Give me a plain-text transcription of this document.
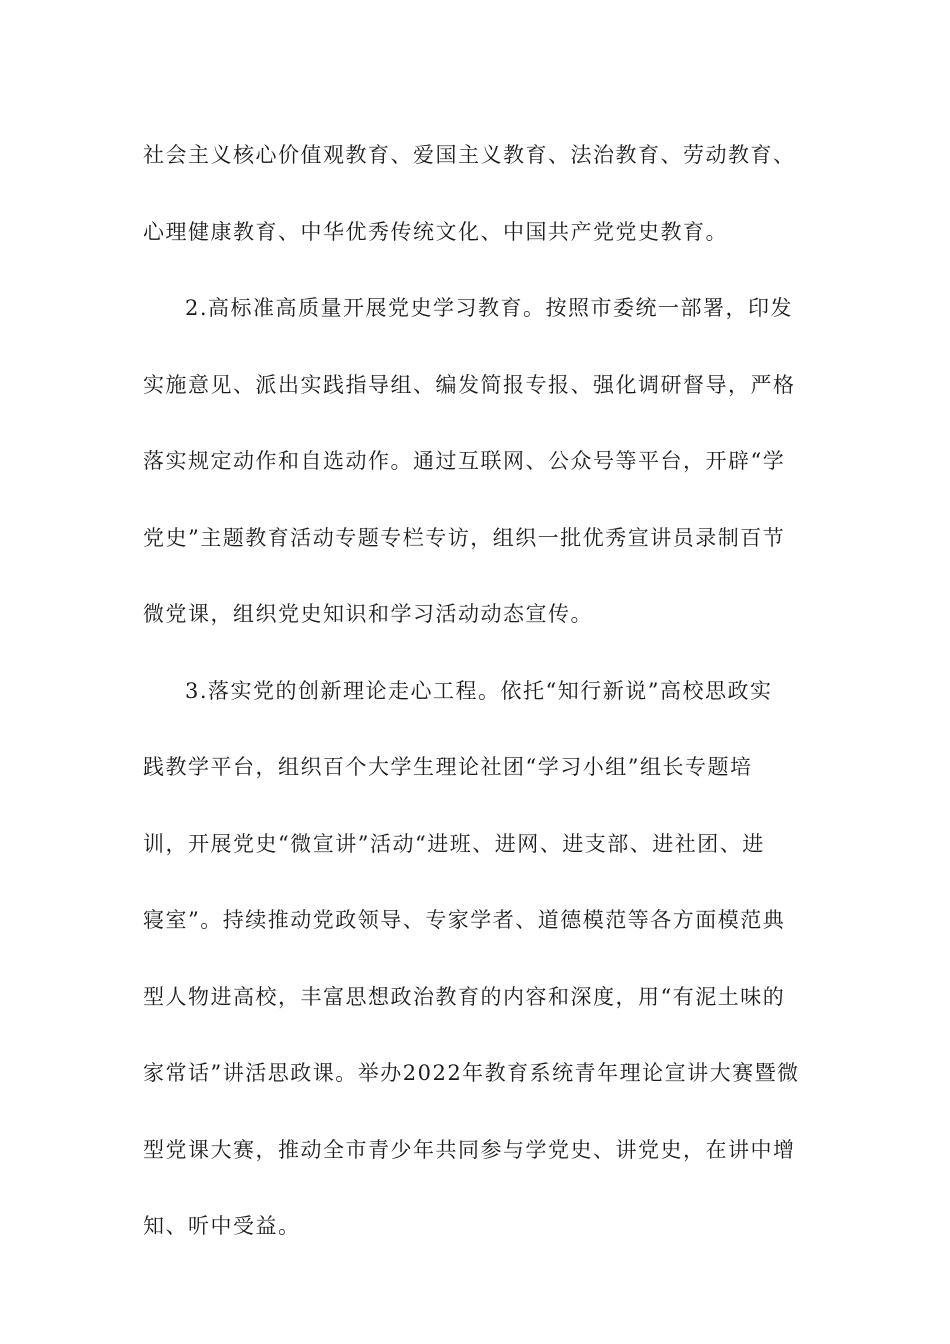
社会主义核心价值观教育、爱国主义教育、法治教育、劳动教育、
心理健康教育、中华优秀传统文化、中国共产党党史教育。
2.高标准高质量开展党史学习教育。按照市委统一部署，印发
实施意见、派出实践指导组、编发简报专报、强化调研督导，严格
落实规定动作和自选动作。通过互联网、公众号等平台，开辟“学
党史”主题教育活动专题专栏专访，组织一批优秀宣讲员录制百节
微党课，组织党史知识和学习活动动态宣传。
3.落实党的创新理论走心工程。依托“知行新说”高校思政实
践教学平台，组织百个大学生理论社团“学习小组”组长专题培
训，开展党史“微宣讲”活动“进班、进网、进支部、进社团、进
寝室”。持续推动党政领导、专家学者、道德模范等各方面模范典
型人物进高校，丰富思想政治教育的内容和深度，用“有泥土味的
家常话”讲活思政课。举办2022年教育系统青年理论宣讲大赛暨微
型党课大赛，推动全市青少年共同参与学党史、讲党史，在讲中增
知、听中受益。
